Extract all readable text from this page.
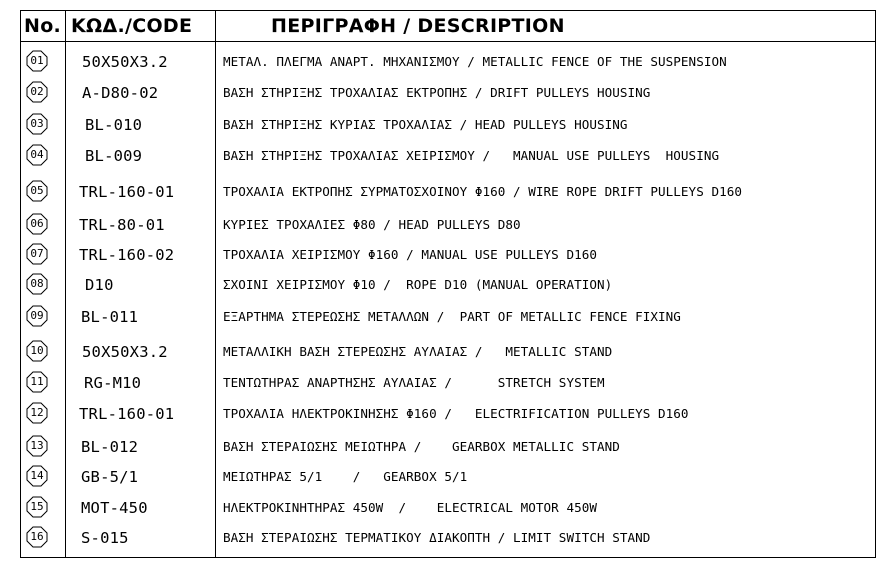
No. ΚΩΔ./CODE	ΠΕΡΙΓΡΑΦΗ / DESCRIPTION
01 50X50X3.2	ΜΕΤΑΛ. ΠΛΕΓΜΑ ΑΝΑΡΤ. ΜΗΧΑΝΙΣΜΟΥ / METALLIC FENCE OF THE SUSPENSION
02 A-D80-02	ΒΑΣΗ ΣΤΗΡΙΞΗΣ ΤΡΟΧΑΛΙΑΣ ΕΚΤΡΟΠΗΣ / DRIFT PULLEYS HOUSING
03	BL-010	ΒΑΣΗ ΣΤΗΡΙΞΗΣ ΚΥΡΙΑΣ ΤΡΟΧΑΛΙΑΣ / HEAD PULLEYS HOUSING
04	BL-009	ΒΑΣΗ ΣΤΗΡΙΞΗΣ ΤΡΟΧΑΛΙΑΣ ΧΕΙΡΙΣΜΟΥ /   MANUAL USE PULLEYS  HOUSING
05 TRL-160-01	ΤΡΟΧΑΛΙΑ ΕΚΤΡΟΠΗΣ ΣΥΡΜΑΤΟΣΧΟΙΝΟΥ Φ160 / WIRE ROPE DRIFT PULLEYS D160
06 TRL-80-01	ΚΥΡΙΕΣ ΤΡΟΧΑΛΙΕΣ Φ80 / HEAD PULLEYS D80
07 TRL-160-02	ΤΡΟΧΑΛΙΑ ΧΕΙΡΙΣΜΟΥ Φ160 / MANUAL USE PULLEYS D160
08	D10	ΣΧΟΙΝΙ ΧΕΙΡΙΣΜΟΥ Φ10 /  ROPE D10 (MANUAL OPERATION)
09 BL-011	ΕΞΑΡΤΗΜΑ ΣΤΕΡΕΩΣΗΣ ΜΕΤΑΛΛΩΝ /  PART OF METALLIC FENCE FIXING
10 50X50X3.2	ΜΕΤΑΛΛΙΚΗ ΒΑΣΗ ΣΤΕΡΕΩΣΗΣ ΑΥΛΑΙΑΣ /   METALLIC STAND
11	RG-M10	ΤΕΝΤΩΤΗΡΑΣ ΑΝΑΡΤΗΣΗΣ ΑΥΛΑΙΑΣ /      STRETCH SYSTEM
12 TRL-160-01	ΤΡΟΧΑΛΙΑ ΗΛΕΚΤΡΟΚΙΝΗΣΗΣ Φ160 /   ELECTRIFICATION PULLEYS D160
13 BL-012	ΒΑΣΗ ΣΤΕΡΑΙΩΣΗΣ ΜΕΙΩΤΗΡΑ /    GEARBOX METALLIC STAND
14 GB-5/1	ΜΕΙΩΤΗΡΑΣ 5/1    /   GEARBOX 5/1
15 MOT-450	ΗΛΕΚΤΡΟΚΙΝΗΤΗΡΑΣ 450W  /    ELECTRICAL MOTOR 450W
16 S-015	ΒΑΣΗ ΣΤΕΡΑΙΩΣΗΣ ΤΕΡΜΑΤΙΚΟΥ ΔΙΑΚΟΠΤΗ / LIMIT SWITCH STAND
